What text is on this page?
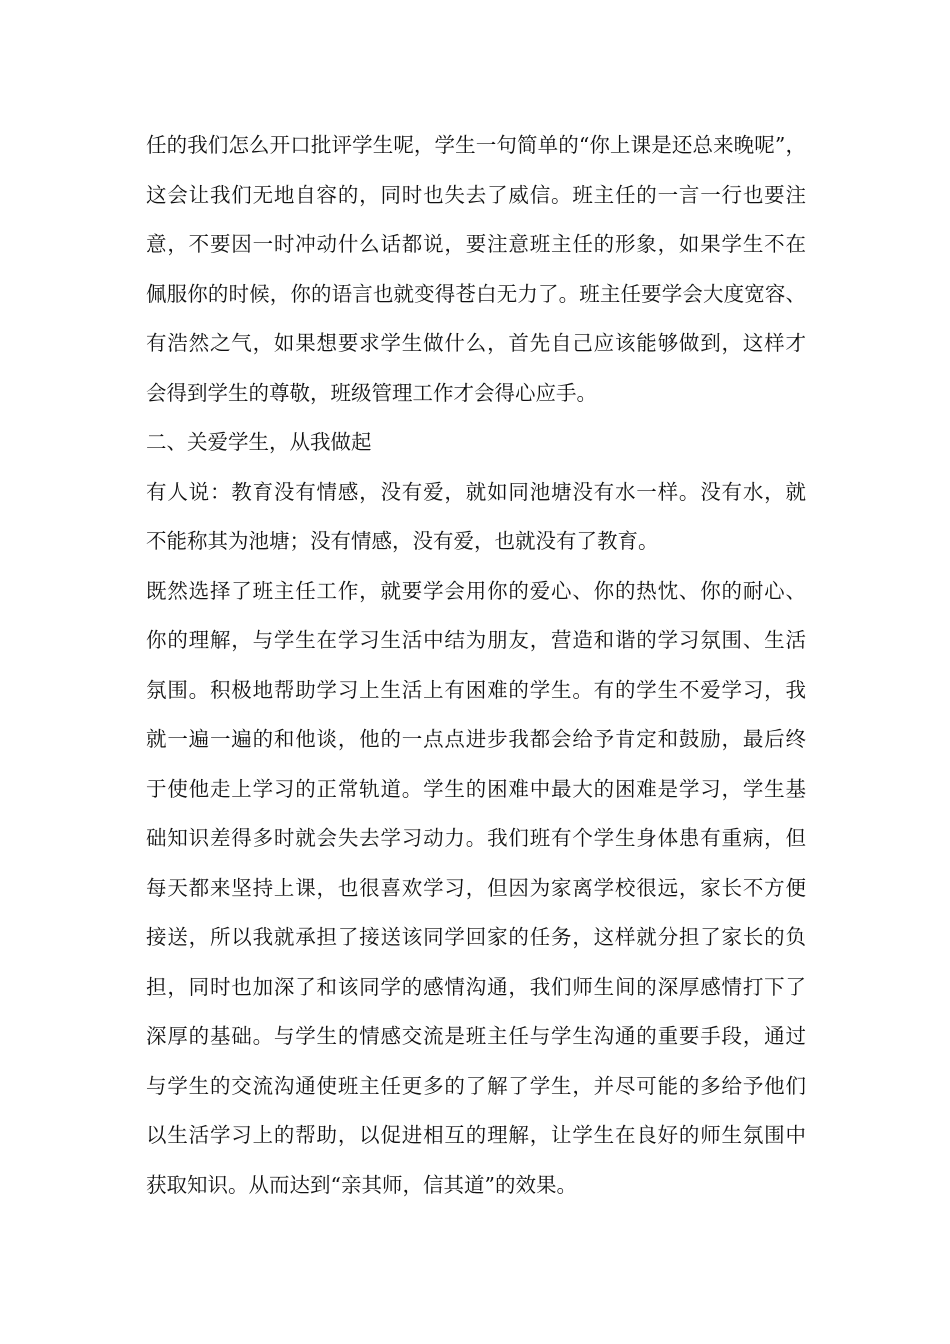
任的我们怎么开口批评学生呢，学生一句简单的“你上课是还总来晚呢”，
这会让我们无地自容的，同时也失去了威信。班主任的一言一行也要注
意，不要因一时冲动什么话都说，要注意班主任的形象，如果学生不在
佩服你的时候，你的语言也就变得苍白无力了。班主任要学会大度宽容、
有浩然之气，如果想要求学生做什么，首先自己应该能够做到，这样才
会得到学生的尊敬，班级管理工作才会得心应手。
二、关爱学生，从我做起
有人说：教育没有情感，没有爱，就如同池塘没有水一样。没有水，就
不能称其为池塘；没有情感，没有爱，也就没有了教育。
既然选择了班主任工作，就要学会用你的爱心、你的热忱、你的耐心、
你的理解，与学生在学习生活中结为朋友，营造和谐的学习氛围、生活
氛围。积极地帮助学习上生活上有困难的学生。有的学生不爱学习，我
就一遍一遍的和他谈，他的一点点进步我都会给予肯定和鼓励，最后终
于使他走上学习的正常轨道。学生的困难中最大的困难是学习，学生基
础知识差得多时就会失去学习动力。我们班有个学生身体患有重病，但
每天都来坚持上课，也很喜欢学习，但因为家离学校很远，家长不方便
接送，所以我就承担了接送该同学回家的任务，这样就分担了家长的负
担，同时也加深了和该同学的感情沟通，我们师生间的深厚感情打下了
深厚的基础。与学生的情感交流是班主任与学生沟通的重要手段，通过
与学生的交流沟通使班主任更多的了解了学生，并尽可能的多给予他们
以生活学习上的帮助，以促进相互的理解，让学生在良好的师生氛围中
获取知识。从而达到“亲其师，信其道”的效果。
